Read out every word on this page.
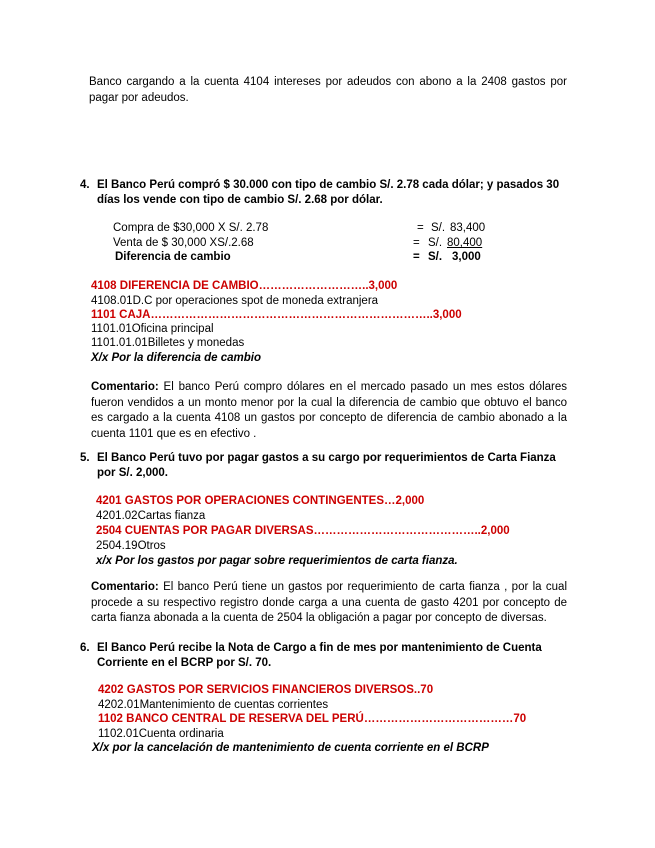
Banco cargando a la cuenta 4104 intereses por adeudos con abono a la 2408 gastos por pagar por adeudos.
4. El Banco Perú compró $ 30.000 con tipo de cambio S/. 2.78 cada dólar; y pasados 30
días los vende con tipo de cambio S/. 2.68 por dólar.
Compra de $30,000 X S/. 2.78	= S/. 83,400
Venta de $ 30,000 XS/.2.68	= S/. 80,400
Diferencia de cambio	= S/. 3,000
4108 DIFERENCIA DE CAMBIO………………………..3,000
4108.01D.C por operaciones spot de moneda extranjera
1101 CAJA………………………………………………………………..3,000
1101.01Oficina principal
1101.01.01Billetes y monedas
X/x Por la diferencia de cambio
Comentario: El banco Perú compro dólares en el mercado pasado un mes estos dólares fueron vendidos a un monto menor por la cual la diferencia de cambio que obtuvo el banco es cargado a la cuenta 4108 un gastos por concepto de diferencia de cambio abonado a la cuenta 1101 que es en efectivo .
5. El Banco Perú tuvo por pagar gastos a su cargo por requerimientos de Carta Fianza
por S/. 2,000.
4201 GASTOS POR OPERACIONES CONTINGENTES…2,000
4201.02Cartas fianza
2504 CUENTAS POR PAGAR DIVERSAS……………………………………..2,000
2504.19Otros
x/x Por los gastos por pagar sobre requerimientos de carta fianza.
Comentario: El banco Perú tiene un gastos por requerimiento de carta fianza , por la cual procede a su respectivo registro donde carga a una cuenta de gasto 4201 por concepto de carta fianza abonada a la cuenta de 2504 la obligación a pagar por concepto de diversas.
6. El Banco Perú recibe la Nota de Cargo a fin de mes por mantenimiento de Cuenta
Corriente en el BCRP por S/. 70.
4202 GASTOS POR SERVICIOS FINANCIEROS DIVERSOS..70
4202.01Mantenimiento de cuentas corrientes
1102 BANCO CENTRAL DE RESERVA DEL PERÚ…………………………………70
1102.01Cuenta ordinaria
X/x por la cancelación de mantenimiento de cuenta corriente en el BCRP
